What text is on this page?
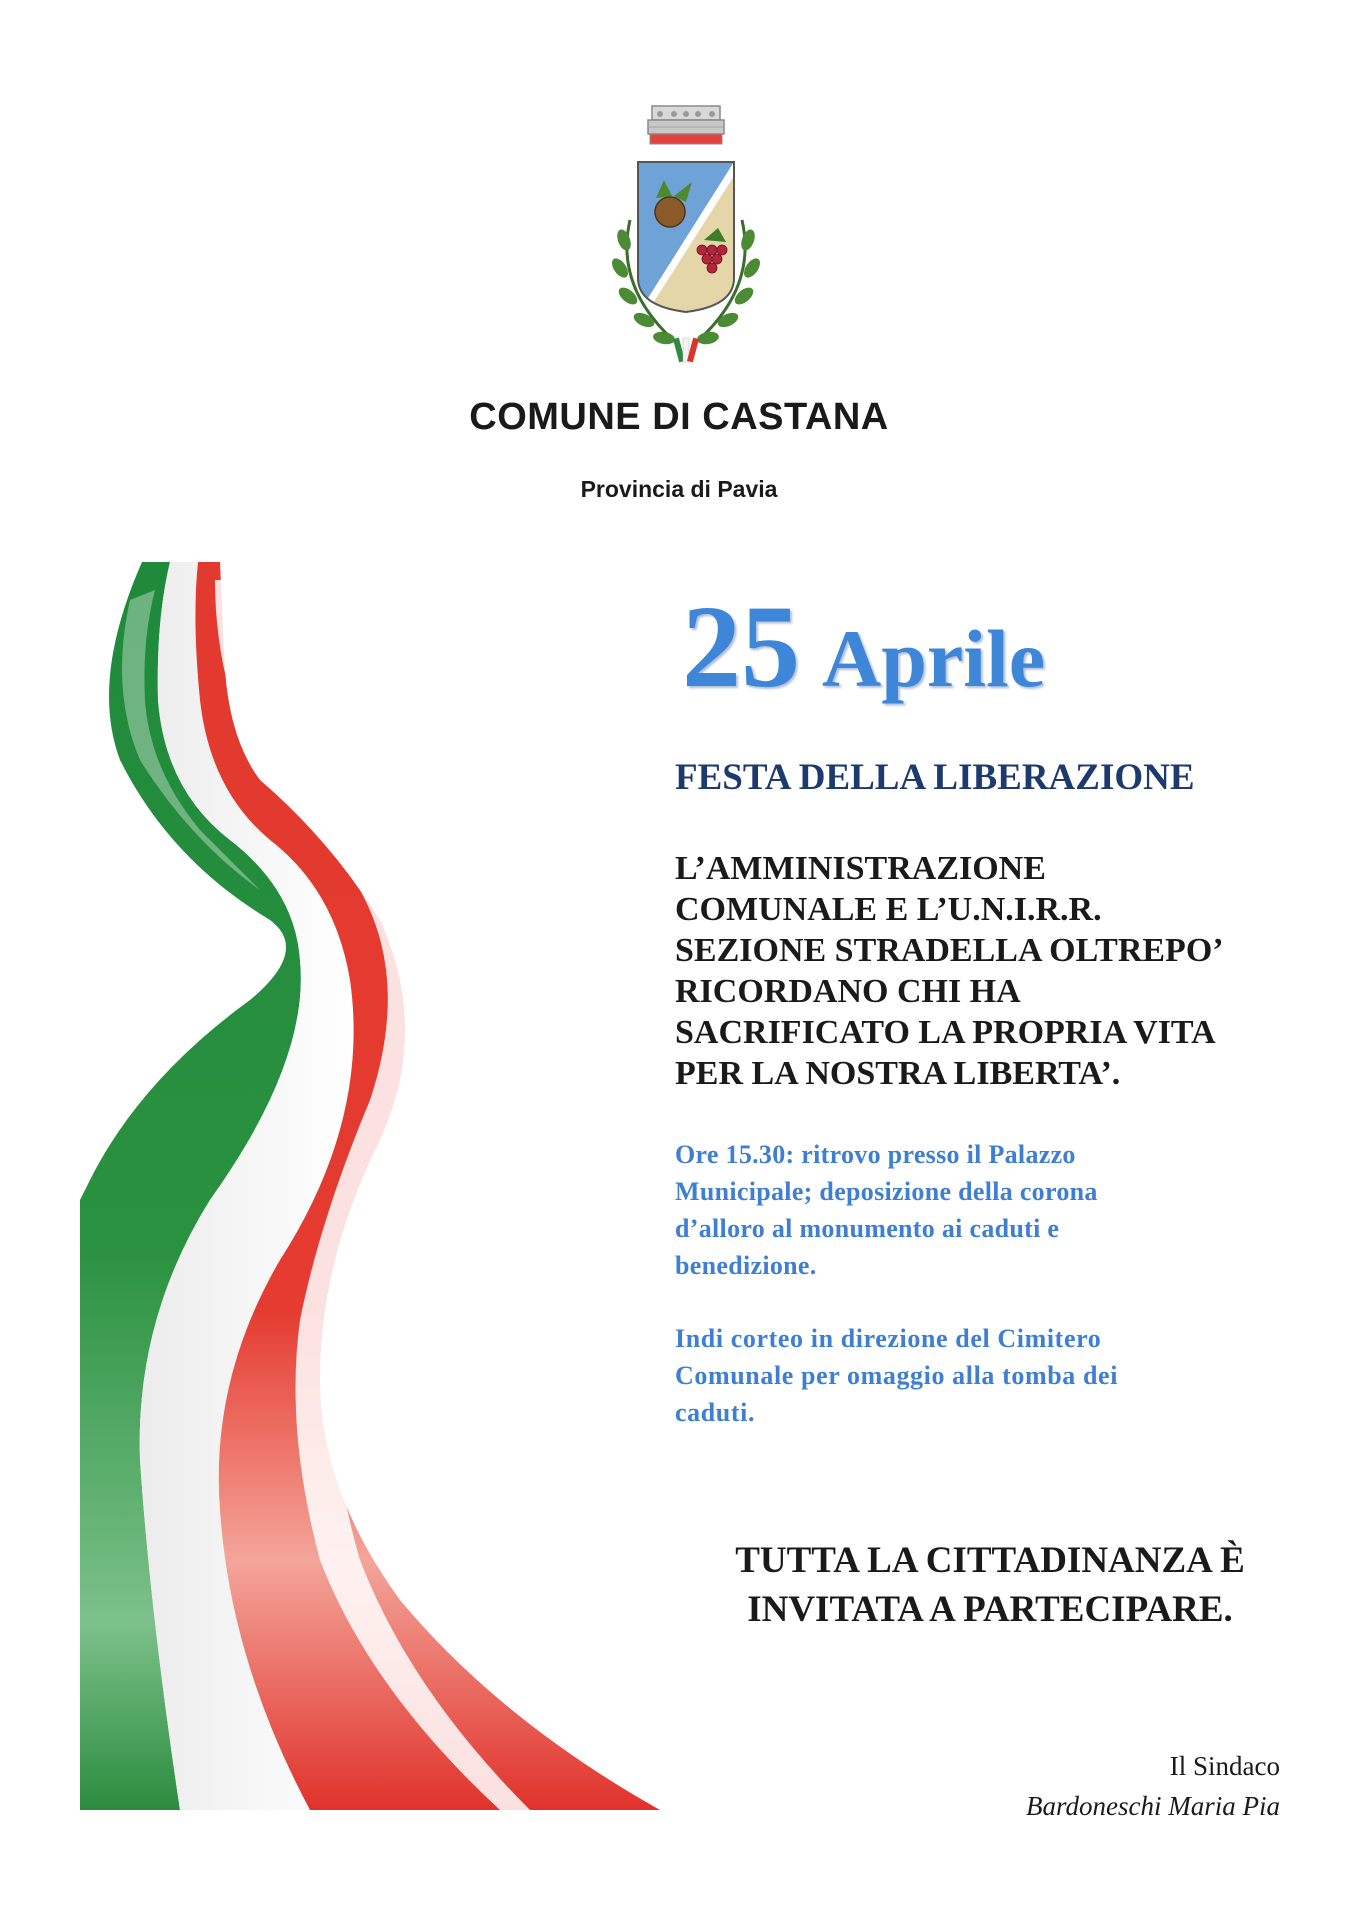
COMUNE DI CASTANA
Provincia di Pavia
25 Aprile
FESTA DELLA LIBERAZIONE
L’AMMINISTRAZIONE
COMUNALE E L’U.N.I.R.R.
SEZIONE STRADELLA OLTREPO’
RICORDANO CHI HA
SACRIFICATO LA PROPRIA VITA
PER LA NOSTRA LIBERTA’.
Ore 15.30: ritrovo presso il Palazzo
Municipale; deposizione della corona
d’alloro al monumento ai caduti e
benedizione.
Indi corteo in direzione del Cimitero
Comunale per omaggio alla tomba dei
caduti.
TUTTA LA CITTADINANZA È
INVITATA A PARTECIPARE.
Il Sindaco
Bardoneschi Maria Pia
